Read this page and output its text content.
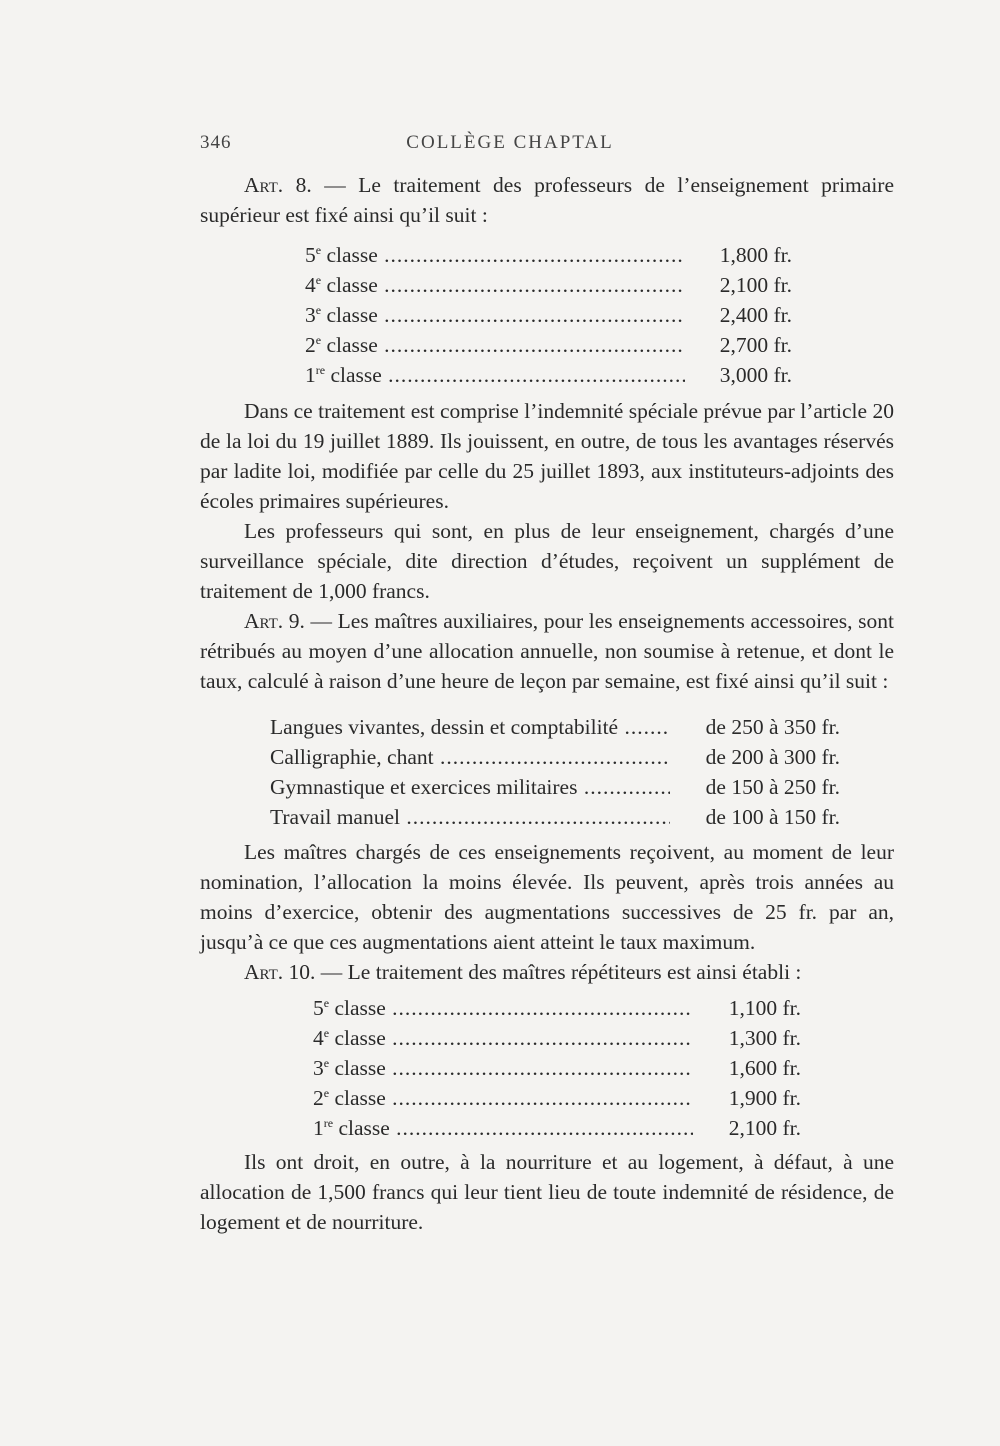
346	COLLÈGE CHAPTAL

Art. 8. — Le traitement des professeurs de l’enseignement primaire supérieur est fixé ainsi qu’il suit :

5e classe .....	1,800 fr.
4e classe .....	2,100 fr.
3e classe .....	2,400 fr.
2e classe .....	2,700 fr.
1re classe .....	3,000 fr.

Dans ce traitement est comprise l’indemnité spéciale prévue par l’article 20 de la loi du 19 juillet 1889. Ils jouissent, en outre, de tous les avantages réservés par ladite loi, modifiée par celle du 25 juillet 1893, aux instituteurs-adjoints des écoles primaires supérieures.

Les professeurs qui sont, en plus de leur enseignement, chargés d’une surveillance spéciale, dite direction d’études, reçoivent un supplément de traitement de 1,000 francs.

Art. 9. — Les maîtres auxiliaires, pour les enseignements accessoires, sont rétribués au moyen d’une allocation annuelle, non soumise à retenue, et dont le taux, calculé à raison d’une heure de leçon par semaine, est fixé ainsi qu’il suit :

Langues vivantes, dessin et comptabilité .....	de 250 à 350 fr.
Calligraphie, chant .....	de 200 à 300 fr.
Gymnastique et exercices militaires .....	de 150 à 250 fr.
Travail manuel .....	de 100 à 150 fr.

Les maîtres chargés de ces enseignements reçoivent, au moment de leur nomination, l’allocation la moins élevée. Ils peuvent, après trois années au moins d’exercice, obtenir des augmentations successives de 25 fr. par an, jusqu’à ce que ces augmentations aient atteint le taux maximum.

Art. 10. — Le traitement des maîtres répétiteurs est ainsi établi :

5e classe .....	1,100 fr.
4e classe .....	1,300 fr.
3e classe .....	1,600 fr.
2e classe .....	1,900 fr.
1re classe .....	2,100 fr.

Ils ont droit, en outre, à la nourriture et au logement, à défaut, à une allocation de 1,500 francs qui leur tient lieu de toute indemnité de résidence, de logement et de nourriture.
